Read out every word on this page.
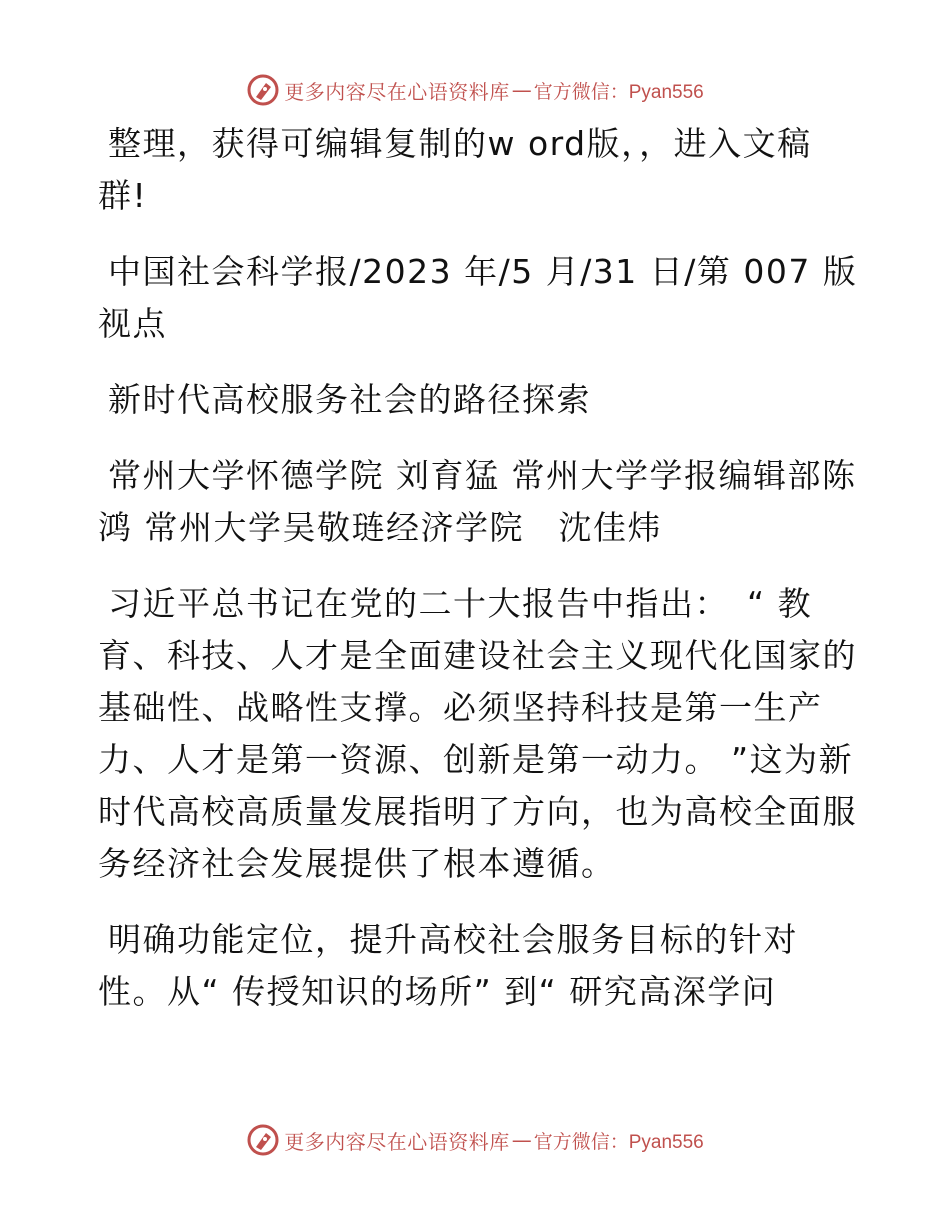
更多内容尽在心语资料库 — 官方微信：Pyan556

整理，获得可编辑复制的w ord版，，进入文稿群!

中国社会科学报/2023 年/5 月/31 日/第 007 版视点

新时代高校服务社会的路径探索

常州大学怀德学院 刘育猛 常州大学学报编辑部陈鸿 常州大学吴敬琏经济学院　沈佳炜

习近平总书记在党的二十大报告中指出：　“ 教育、科技、人才是全面建设社会主义现代化国家的基础性、战略性支撑。必须坚持科技是第一生产力、人才是第一资源、创新是第一动力。 ”这为新时代高校高质量发展指明了方向，也为高校全面服务经济社会发展提供了根本遵循。

明确功能定位，提升高校社会服务目标的针对性。从“ 传授知识的场所” 到“ 研究高深学问

更多内容尽在心语资料库 — 官方微信：Pyan556
